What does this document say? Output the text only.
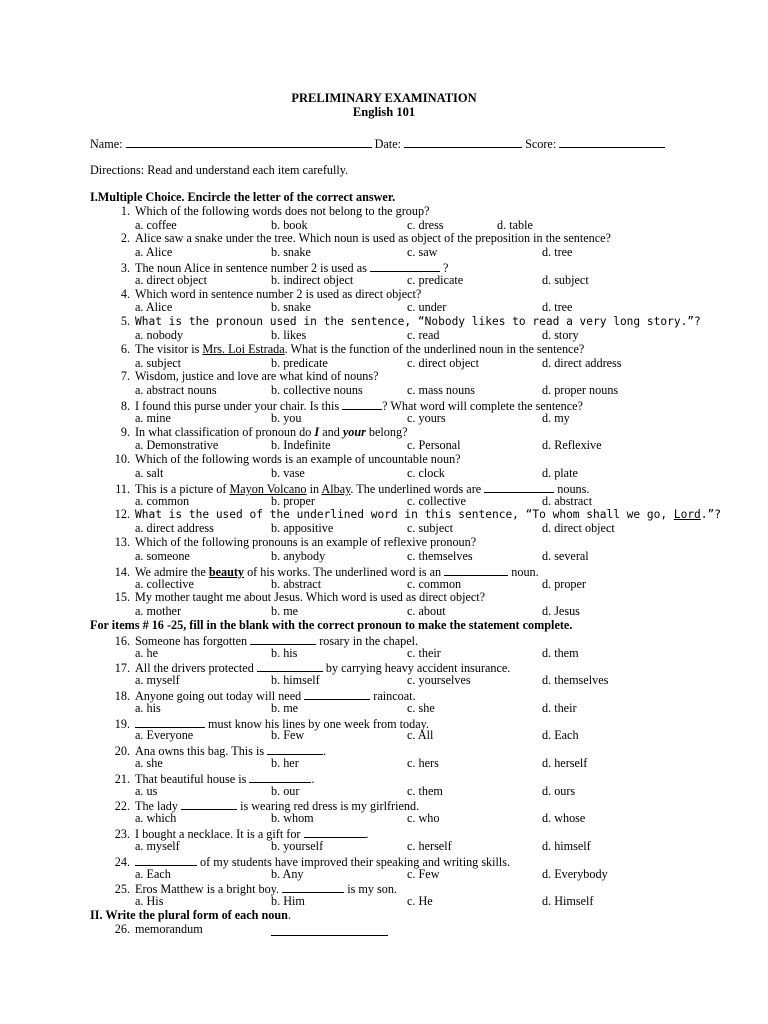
PRELIMINARY EXAMINATION
English 101
Name:	Date:	Score:
Directions: Read and understand each item carefully.
I.Multiple Choice. Encircle the letter of the correct answer.
1. Which of the following words does not belong to the group?
a. coffee	b. book	c. dress	d. table
2. Alice saw a snake under the tree. Which noun is used as object of the preposition in the sentence?
a. Alice	b. snake	c. saw	d. tree
3. The noun Alice in sentence number 2 is used as	?
a. direct object	b. indirect object	c. predicate	d. subject
4. Which word in sentence number 2 is used as direct object?
a. Alice	b. snake	c. under	d. tree
5. What is the pronoun used in the sentence, “Nobody likes to read a very long story.”?
a. nobody	b. likes	c. read	d. story
6. The visitor is Mrs. Loi Estrada. What is the function of the underlined noun in the sentence?
a. subject	b. predicate	c. direct object	d. direct address
7. Wisdom, justice and love are what kind of nouns?
a. abstract nouns	b. collective nouns	c. mass nouns	d. proper nouns
8. I found this purse under your chair. Is this	? What word will complete the sentence?
a. mine	b. you	c. yours	d. my
9. In what classification of pronoun do I and your belong?
a. Demonstrative	b. Indefinite	c. Personal	d. Reflexive
10. Which of the following words is an example of uncountable noun?
a. salt	b. vase	c. clock	d. plate
11. This is a picture of Mayon Volcano in Albay. The underlined words are	nouns.
a. common	b. proper	c. collective	d. abstract
12. What is the used of the underlined word in this sentence, “To whom shall we go, Lord.”?
a. direct address	b. appositive	c. subject	d. direct object
13. Which of the following pronouns is an example of reflexive pronoun?
a. someone	b. anybody	c. themselves	d. several
14. We admire the beauty of his works. The underlined word is an	noun.
a. collective	b. abstract	c. common	d. proper
15. My mother taught me about Jesus. Which word is used as direct object?
a. mother	b. me	c. about	d. Jesus
For items # 16 -25, fill in the blank with the correct pronoun to make the statement complete.
16. Someone has forgotten	rosary in the chapel.
a. he	b. his	c. their	d. them
17. All the drivers protected	by carrying heavy accident insurance.
a. myself	b. himself	c. yourselves	d. themselves
18. Anyone going out today will need	raincoat.
a. his	b. me	c. she	d. their
19.	must know his lines by one week from today.
a. Everyone	b. Few	c. All	d. Each
20. Ana owns this bag. This is	.
a. she	b. her	c. hers	d. herself
21. That beautiful house is	.
a. us	b. our	c. them	d. ours
22. The lady	is wearing red dress is my girlfriend.
a. which	b. whom	c. who	d. whose
23. I bought a necklace. It is a gift for	.
a. myself	b. yourself	c. herself	d. himself
24.	of my students have improved their speaking and writing skills.
a. Each	b. Any	c. Few	d. Everybody
25. Eros Matthew is a bright boy.	is my son.
a. His	b. Him	c. He	d. Himself
II. Write the plural form of each noun.
26. memorandum
